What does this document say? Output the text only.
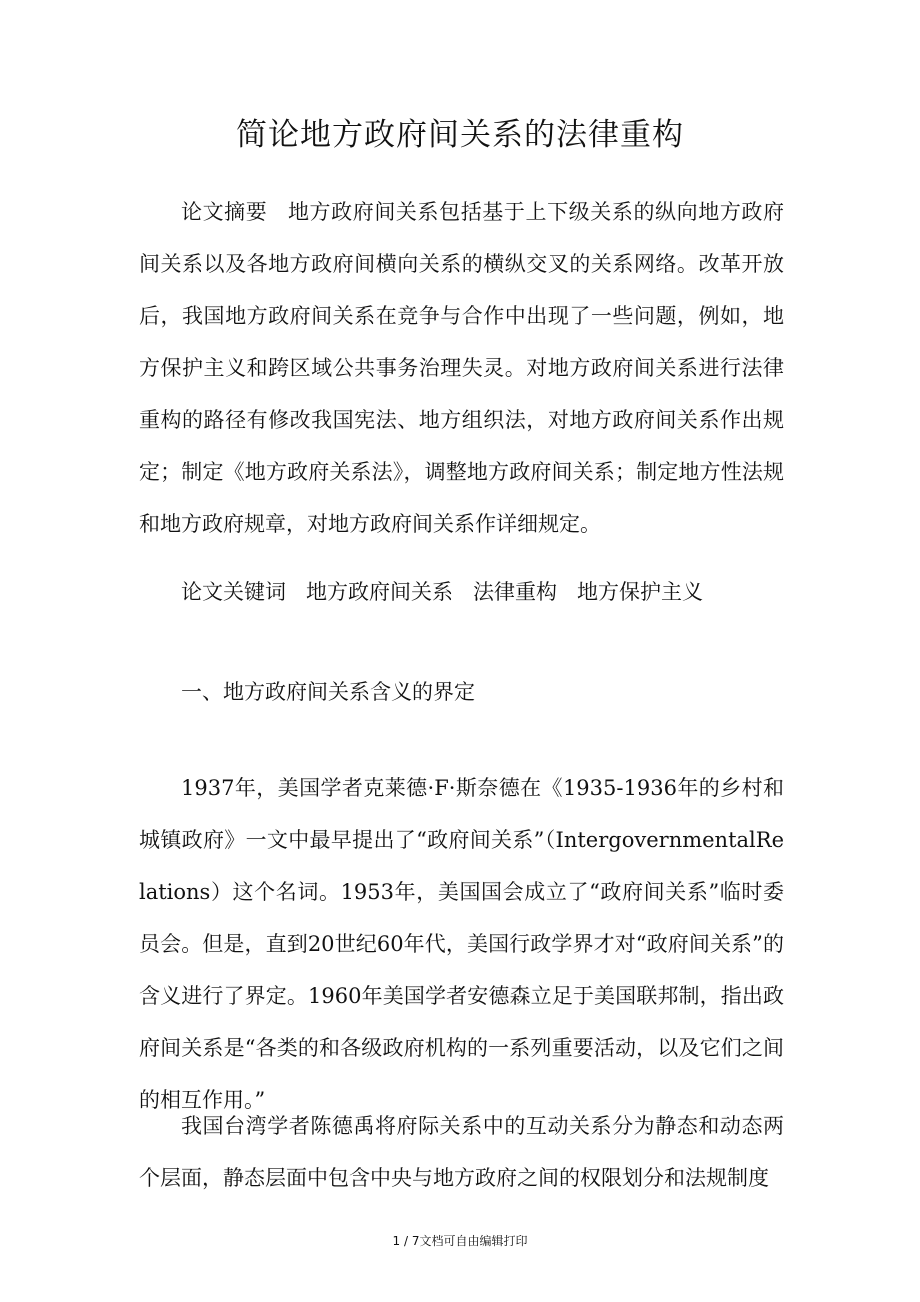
简论地方政府间关系的法律重构

论文摘要 地方政府间关系包括基于上下级关系的纵向地方政府间关系以及各地方政府间横向关系的横纵交叉的关系网络。改革开放后，我国地方政府间关系在竞争与合作中出现了一些问题，例如，地方保护主义和跨区域公共事务治理失灵。对地方政府间关系进行法律重构的路径有修改我国宪法、地方组织法，对地方政府间关系作出规定；制定《地方政府关系法》，调整地方政府间关系；制定地方性法规和地方政府规章，对地方政府间关系作详细规定。

论文关键词 地方政府间关系 法律重构 地方保护主义

一、地方政府间关系含义的界定

1937年，美国学者克莱德·F·斯奈德在《1935-1936年的乡村和城镇政府》一文中最早提出了“政府间关系”（IntergovernmentalRelations）这个名词。1953年，美国国会成立了“政府间关系”临时委员会。但是，直到20世纪60年代，美国行政学界才对“政府间关系”的含义进行了界定。1960年美国学者安德森立足于美国联邦制，指出政府间关系是“各类的和各级政府机构的一系列重要活动，以及它们之间的相互作用。”

我国台湾学者陈德禹将府际关系中的互动关系分为静态和动态两个层面，静态层面中包含中央与地方政府之间的权限划分和法规制度

1 / 7文档可自由编辑打印
